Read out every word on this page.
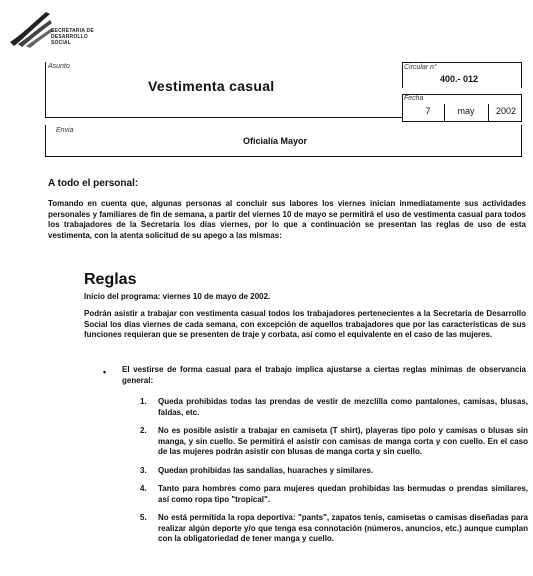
SECRETARIA DE
DESARROLLO
SOCIAL
Asunto
Vestimenta casual
Circular n°
400.- 012
Fecha
7	may	2002
Envia
Oficialía Mayor
A todo el personal:
Tomando en cuenta que, algunas personas al concluir sus labores los viernes inician inmediatamente sus actividades personales y familiares de fin de semana, a partir del viernes 10 de mayo se permitirá el uso de vestimenta casual para todos los trabajadores de la Secretaría los días viernes, por lo que a continuación se presentan las reglas de uso de esta vestimenta, con la atenta solicitud de su apego a las mismas:
Reglas
Inicio del programa: viernes 10 de mayo de 2002.
Podrán asistir a trabajar con vestimenta casual todos los trabajadores pertenecientes a la Secretaría de Desarrollo Social los días viernes de cada semana, con excepción de aquellos trabajadores que por las características de sus funciones requieran que se presenten de traje y corbata, así como el equivalente en el caso de las mujeres.
• El vestirse de forma casual para el trabajo implica ajustarse a ciertas reglas mínimas de observancia general:
1.	Queda prohibidas todas las prendas de vestir de mezclilla como pantalones, camisas, blusas, faldas, etc.
2.	No es posible asistir a trabajar en camiseta (T shirt), playeras tipo polo y camisas o blusas sin manga, y sin cuello. Se permitirá el asistir con camisas de manga corta y con cuello. En el caso de las mujeres podrán asistir con blusas de manga corta y sin cuello.
3.	Quedan prohibidas las sandalias, huaraches y similares.
4.	Tanto para hombres como para mujeres quedan prohibidas las bermudas o prendas similares, así como ropa tipo "tropical".
5.	No está permitida la ropa deportiva: "pants", zapatos tenis, camisetas o camisas diseñadas para realizar algún deporte y/o que tenga esa connotación (números, anuncios, etc.) aunque cumplan con la obligatoriedad de tener manga y cuello.
